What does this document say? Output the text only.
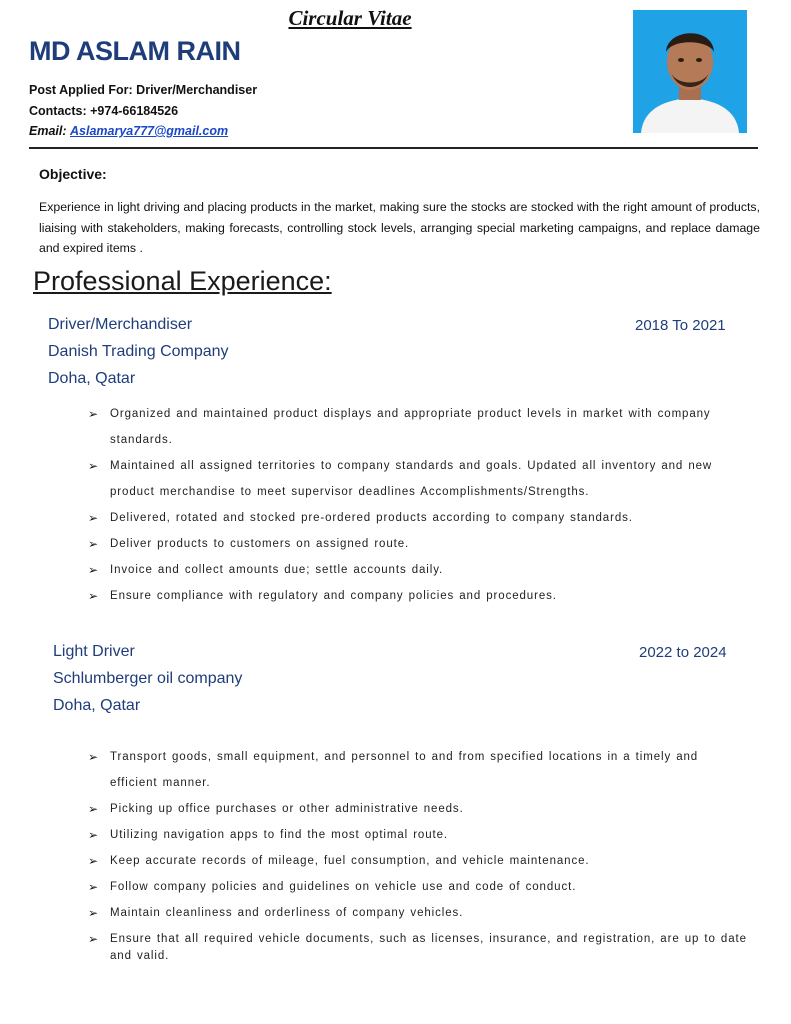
Circular Vitae
MD ASLAM RAIN
Post Applied For: Driver/Merchandiser
Contacts: +974-66184526
Email: Aslamarya777@gmail.com
Objective:
Experience in light driving and placing products in the market, making sure the stocks are stocked with the right amount of products, liaising with stakeholders, making forecasts, controlling stock levels, arranging special marketing campaigns, and replace damage and expired items .
Professional Experience:
Driver/Merchandiser	2018 To 2021
Danish Trading Company
Doha, Qatar
➢ Organized and maintained product displays and appropriate product levels in market with company standards.
➢ Maintained all assigned territories to company standards and goals. Updated all inventory and new product merchandise to meet supervisor deadlines Accomplishments/Strengths.
➢ Delivered, rotated and stocked pre-ordered products according to company standards.
➢ Deliver products to customers on assigned route.
➢ Invoice and collect amounts due; settle accounts daily.
➢ Ensure compliance with regulatory and company policies and procedures.
Light Driver	2022 to 2024
Schlumberger oil company
Doha, Qatar
➢ Transport goods, small equipment, and personnel to and from specified locations in a timely and efficient manner.
➢ Picking up office purchases or other administrative needs.
➢ Utilizing navigation apps to find the most optimal route.
➢ Keep accurate records of mileage, fuel consumption, and vehicle maintenance.
➢ Follow company policies and guidelines on vehicle use and code of conduct.
➢ Maintain cleanliness and orderliness of company vehicles.
➢ Ensure that all required vehicle documents, such as licenses, insurance, and registration, are up to date and valid.
